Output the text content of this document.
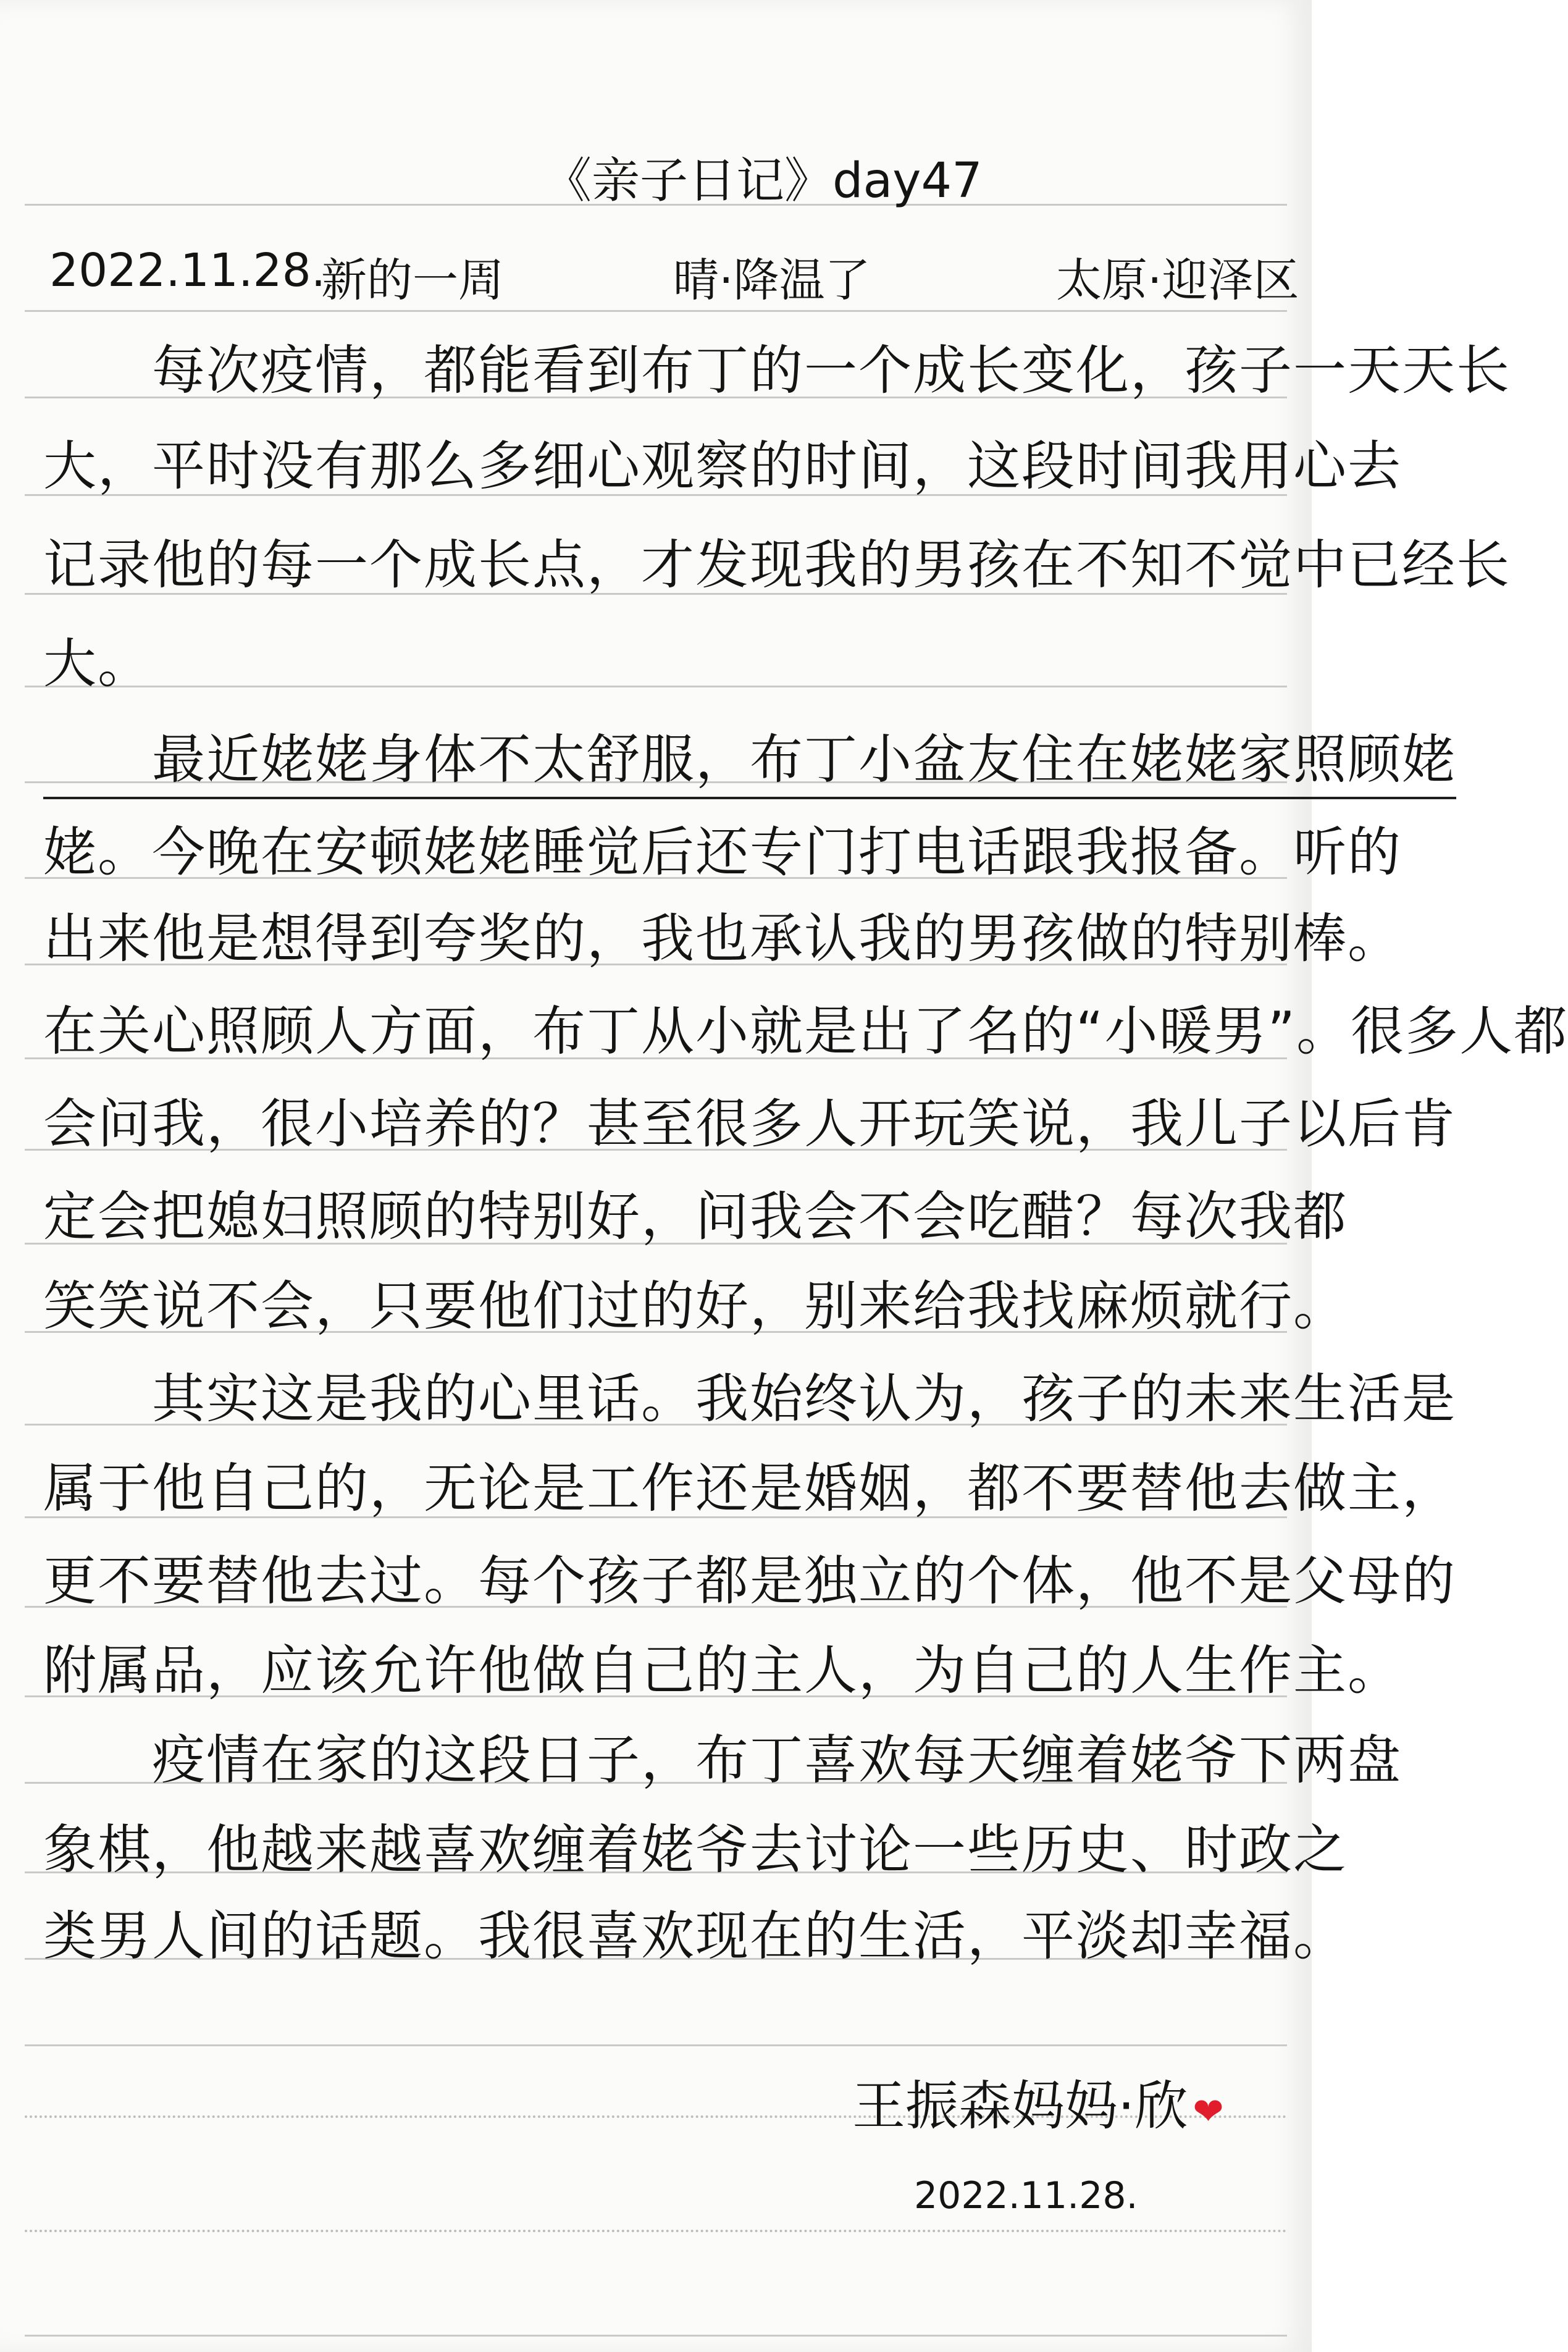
《亲子日记》day47
2022.11.28.
新的一周	晴·降温了	太原·迎泽区
　　每次疫情，都能看到布丁的一个成长变化，孩子一天天长
大，平时没有那么多细心观察的时间，这段时间我用心去
记录他的每一个成长点，才发现我的男孩在不知不觉中已经长
大。
　　最近姥姥身体不太舒服，布丁小盆友住在姥姥家照顾姥
姥。今晚在安顿姥姥睡觉后还专门打电话跟我报备。听的
出来他是想得到夸奖的，我也承认我的男孩做的特别棒。
在关心照顾人方面，布丁从小就是出了名的“小暖男”。很多人都
会问我，很小培养的？甚至很多人开玩笑说，我儿子以后肯
定会把媳妇照顾的特别好，问我会不会吃醋？每次我都
笑笑说不会，只要他们过的好，别来给我找麻烦就行。
　　其实这是我的心里话。我始终认为，孩子的未来生活是
属于他自己的，无论是工作还是婚姻，都不要替他去做主，
更不要替他去过。每个孩子都是独立的个体，他不是父母的
附属品，应该允许他做自己的主人，为自己的人生作主。
　　疫情在家的这段日子，布丁喜欢每天缠着姥爷下两盘
象棋，他越来越喜欢缠着姥爷去讨论一些历史、时政之
类男人间的话题。我很喜欢现在的生活，平淡却幸福。
王振森妈妈·欣 ❤
2022.11.28.
